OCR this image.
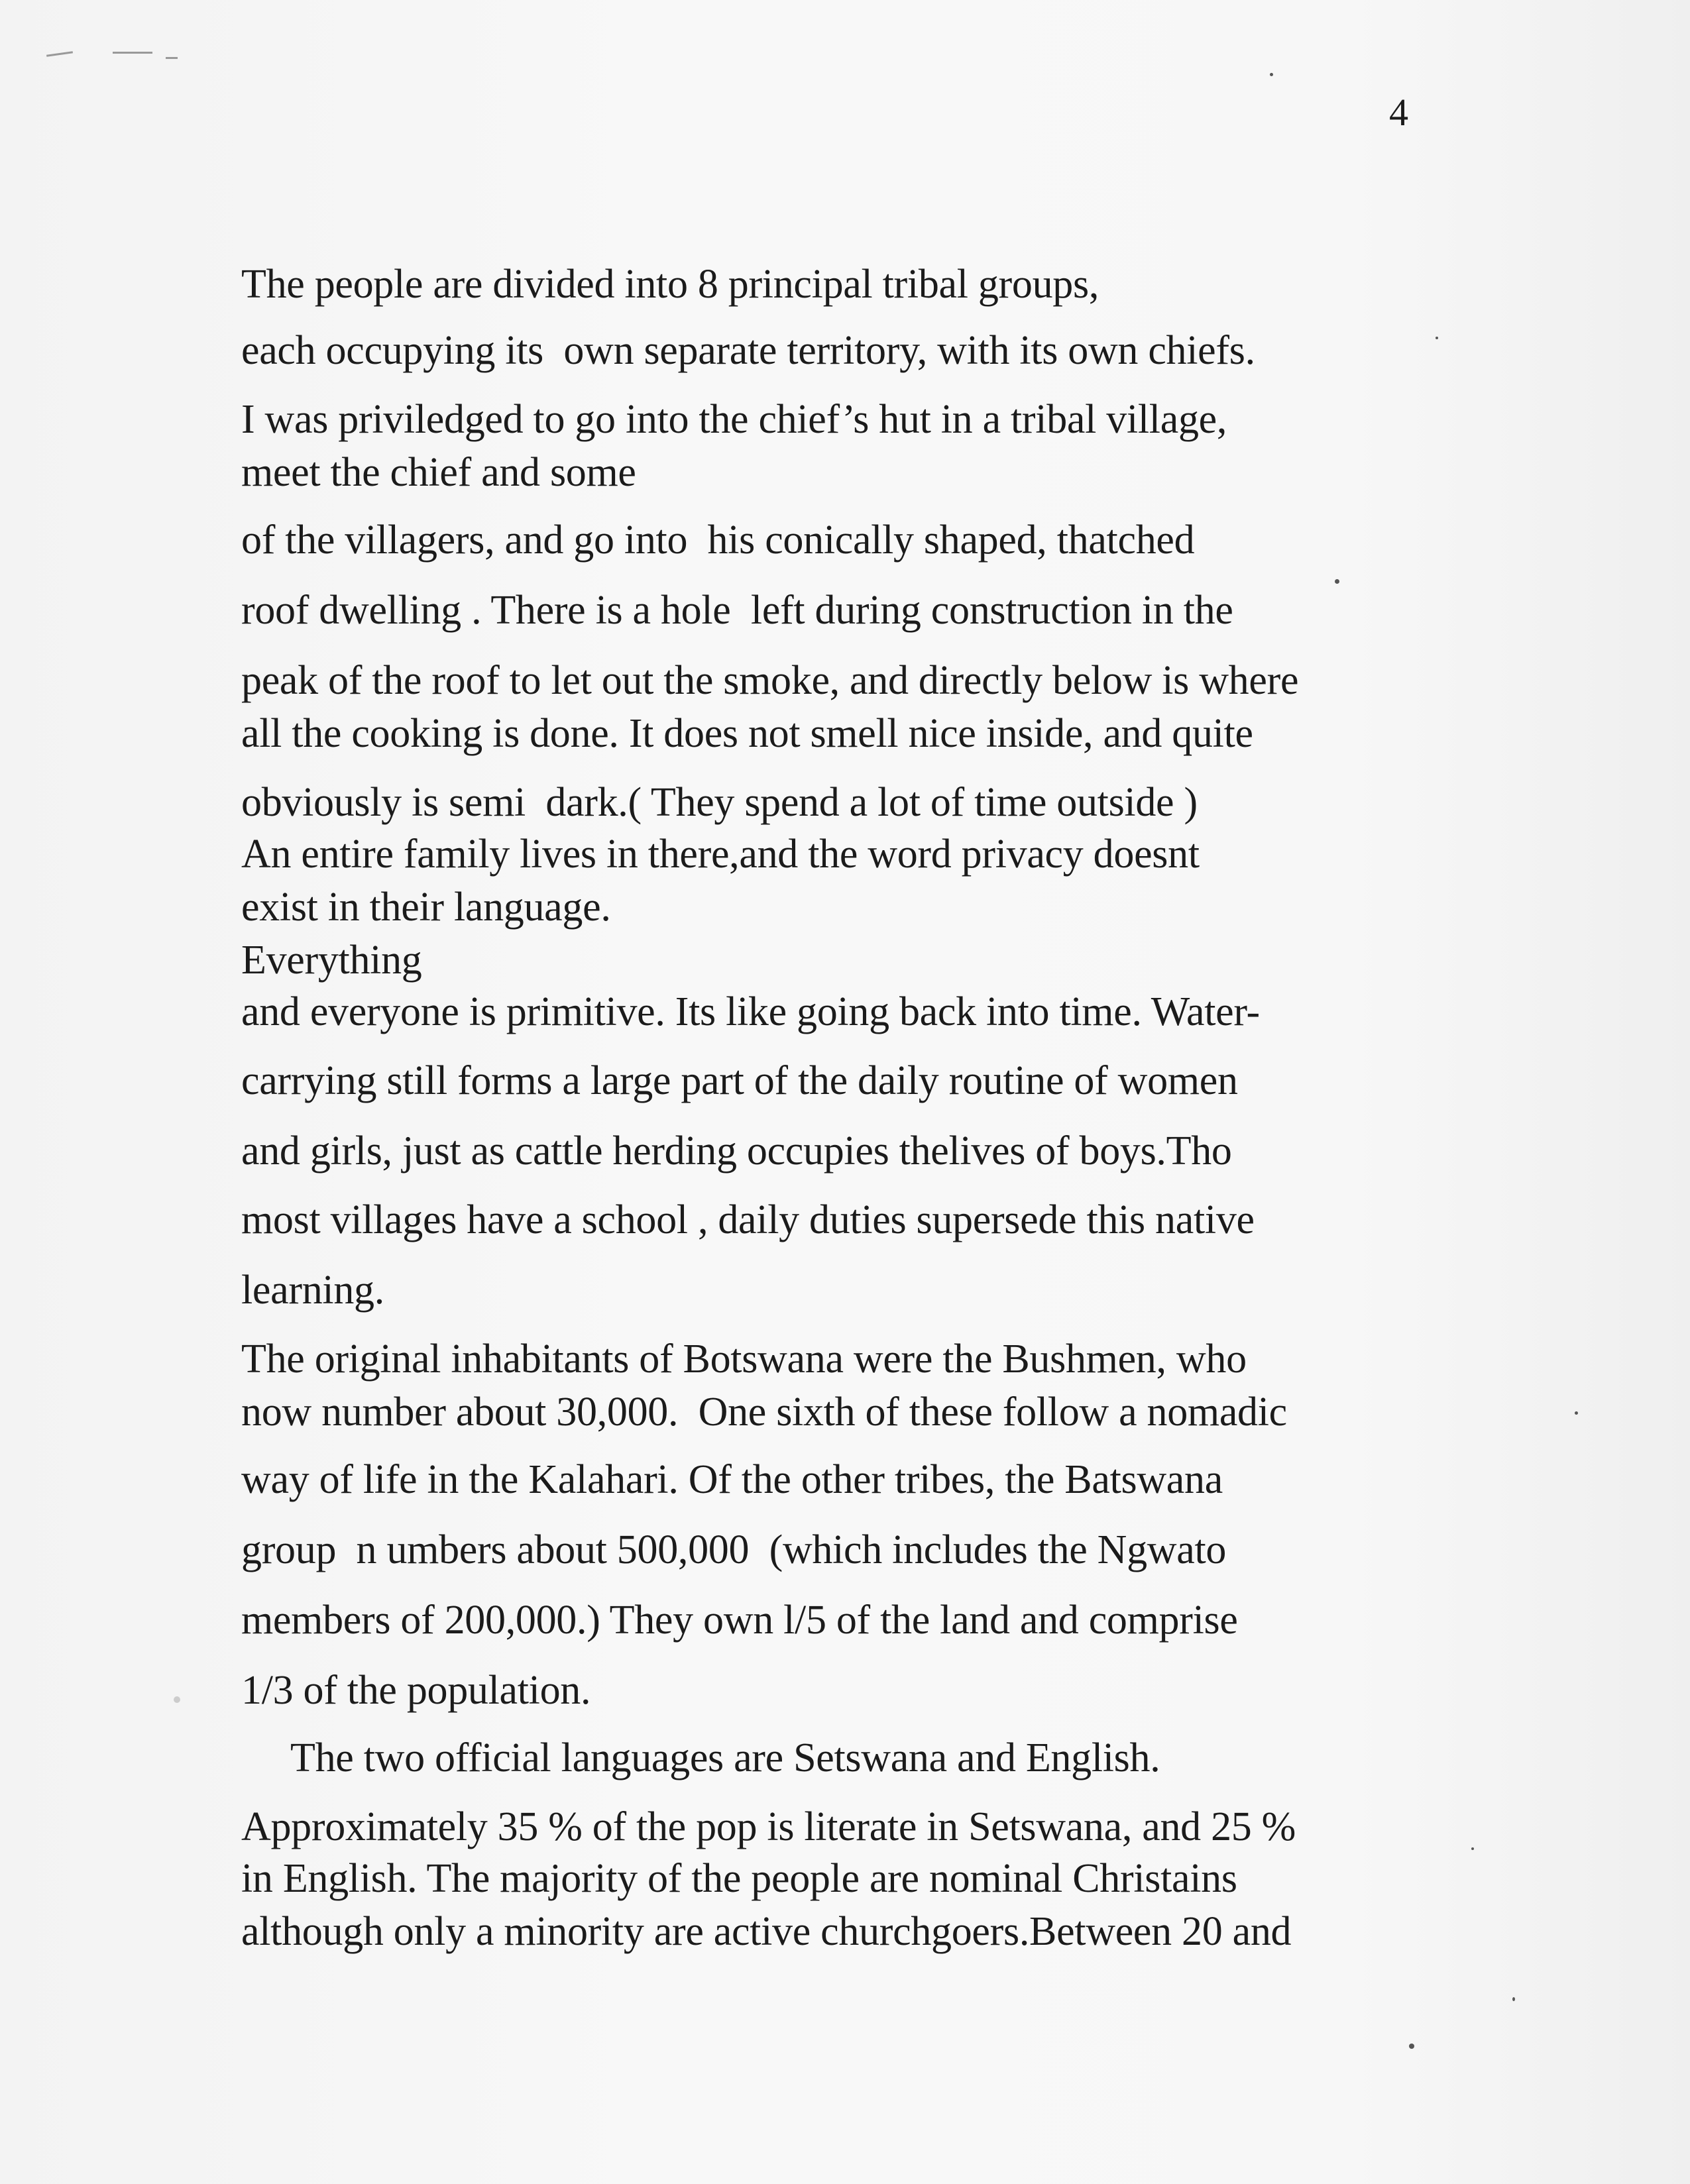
4

The people are divided into 8 principal tribal groups,

each occupying its  own separate territory, with its own chiefs.

I was priviledged to go into the chief’s hut in a tribal village,

meet the chief and some

of the villagers, and go into  his conically shaped, thatched

roof dwelling . There is a hole  left during construction in the

peak of the roof to let out the smoke, and directly below is where

all the cooking is done. It does not smell nice inside, and quite

obviously is semi  dark.( They spend a lot of time outside )

An entire family lives in there,and the word privacy doesnt

exist in their language.

Everything

and everyone is primitive. Its like going back into time. Water-

carrying still forms a large part of the daily routine of women

and girls, just as cattle herding occupies thelives of boys.Tho

most villages have a school , daily duties supersede this native

learning.

The original inhabitants of Botswana were the Bushmen, who

now number about 30,000.  One sixth of these follow a nomadic

way of life in the Kalahari. Of the other tribes, the Batswana

group  n umbers about 500,000  (which includes the Ngwato

members of 200,000.) They own l/5 of the land and comprise

1/3 of the population.

The two official languages are Setswana and English.

Approximately 35 % of the pop is literate in Setswana, and 25 %

in English. The majority of the people are nominal Christains

although only a minority are active churchgoers.Between 20 and
